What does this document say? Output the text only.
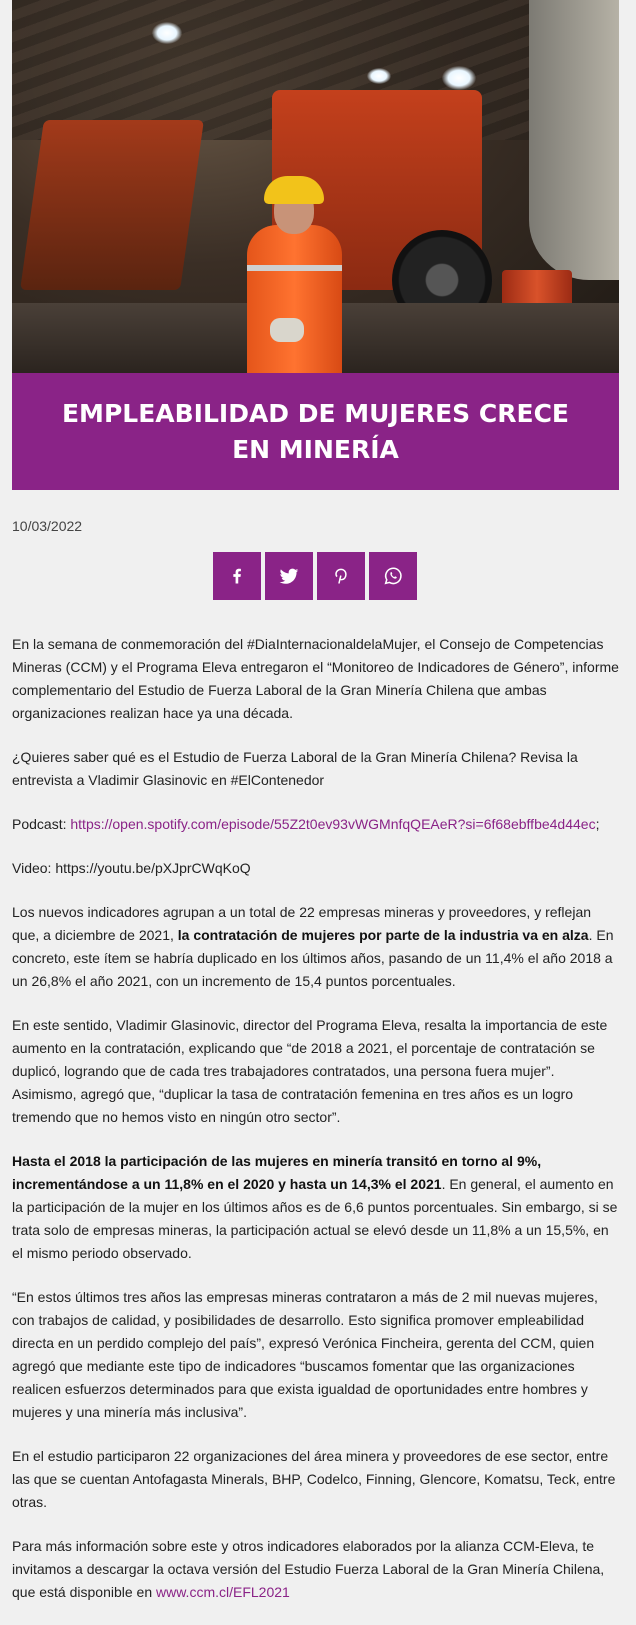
EMPLEABILIDAD DE MUJERES CRECE EN MINERÍA
10/03/2022

En la semana de conmemoración del #DiaInternacionaldelaMujer, el Consejo de Competencias Mineras (CCM) y el Programa Eleva entregaron el “Monitoreo de Indicadores de Género”, informe complementario del Estudio de Fuerza Laboral de la Gran Minería Chilena que ambas organizaciones realizan hace ya una década.

¿Quieres saber qué es el Estudio de Fuerza Laboral de la Gran Minería Chilena? Revisa la entrevista a Vladimir Glasinovic en #ElContenedor

Podcast: https://open.spotify.com/episode/55Z2t0ev93vWGMnfqQEAeR?si=6f68ebffbe4d44ec;

Video: https://youtu.be/pXJprCWqKoQ

Los nuevos indicadores agrupan a un total de 22 empresas mineras y proveedores, y reflejan que, a diciembre de 2021, la contratación de mujeres por parte de la industria va en alza. En concreto, este ítem se habría duplicado en los últimos años, pasando de un 11,4% el año 2018 a un 26,8% el año 2021, con un incremento de 15,4 puntos porcentuales.

En este sentido, Vladimir Glasinovic, director del Programa Eleva, resalta la importancia de este aumento en la contratación, explicando que “de 2018 a 2021, el porcentaje de contratación se duplicó, logrando que de cada tres trabajadores contratados, una persona fuera mujer”. Asimismo, agregó que, “duplicar la tasa de contratación femenina en tres años es un logro tremendo que no hemos visto en ningún otro sector”.

Hasta el 2018 la participación de las mujeres en minería transitó en torno al 9%, incrementándose a un 11,8% en el 2020 y hasta un 14,3% el 2021. En general, el aumento en la participación de la mujer en los últimos años es de 6,6 puntos porcentuales. Sin embargo, si se trata solo de empresas mineras, la participación actual se elevó desde un 11,8% a un 15,5%, en el mismo periodo observado.

“En estos últimos tres años las empresas mineras contrataron a más de 2 mil nuevas mujeres, con trabajos de calidad, y posibilidades de desarrollo. Esto significa promover empleabilidad directa en un perdido complejo del país”, expresó Verónica Fincheira, gerenta del CCM, quien agregó que mediante este tipo de indicadores “buscamos fomentar que las organizaciones realicen esfuerzos determinados para que exista igualdad de oportunidades entre hombres y mujeres y una minería más inclusiva”.

En el estudio participaron 22 organizaciones del área minera y proveedores de ese sector, entre las que se cuentan Antofagasta Minerals, BHP, Codelco, Finning, Glencore, Komatsu, Teck, entre otras.

Para más información sobre este y otros indicadores elaborados por la alianza CCM-Eleva, te invitamos a descargar la octava versión del Estudio Fuerza Laboral de la Gran Minería Chilena, que está disponible en www.ccm.cl/EFL2021
